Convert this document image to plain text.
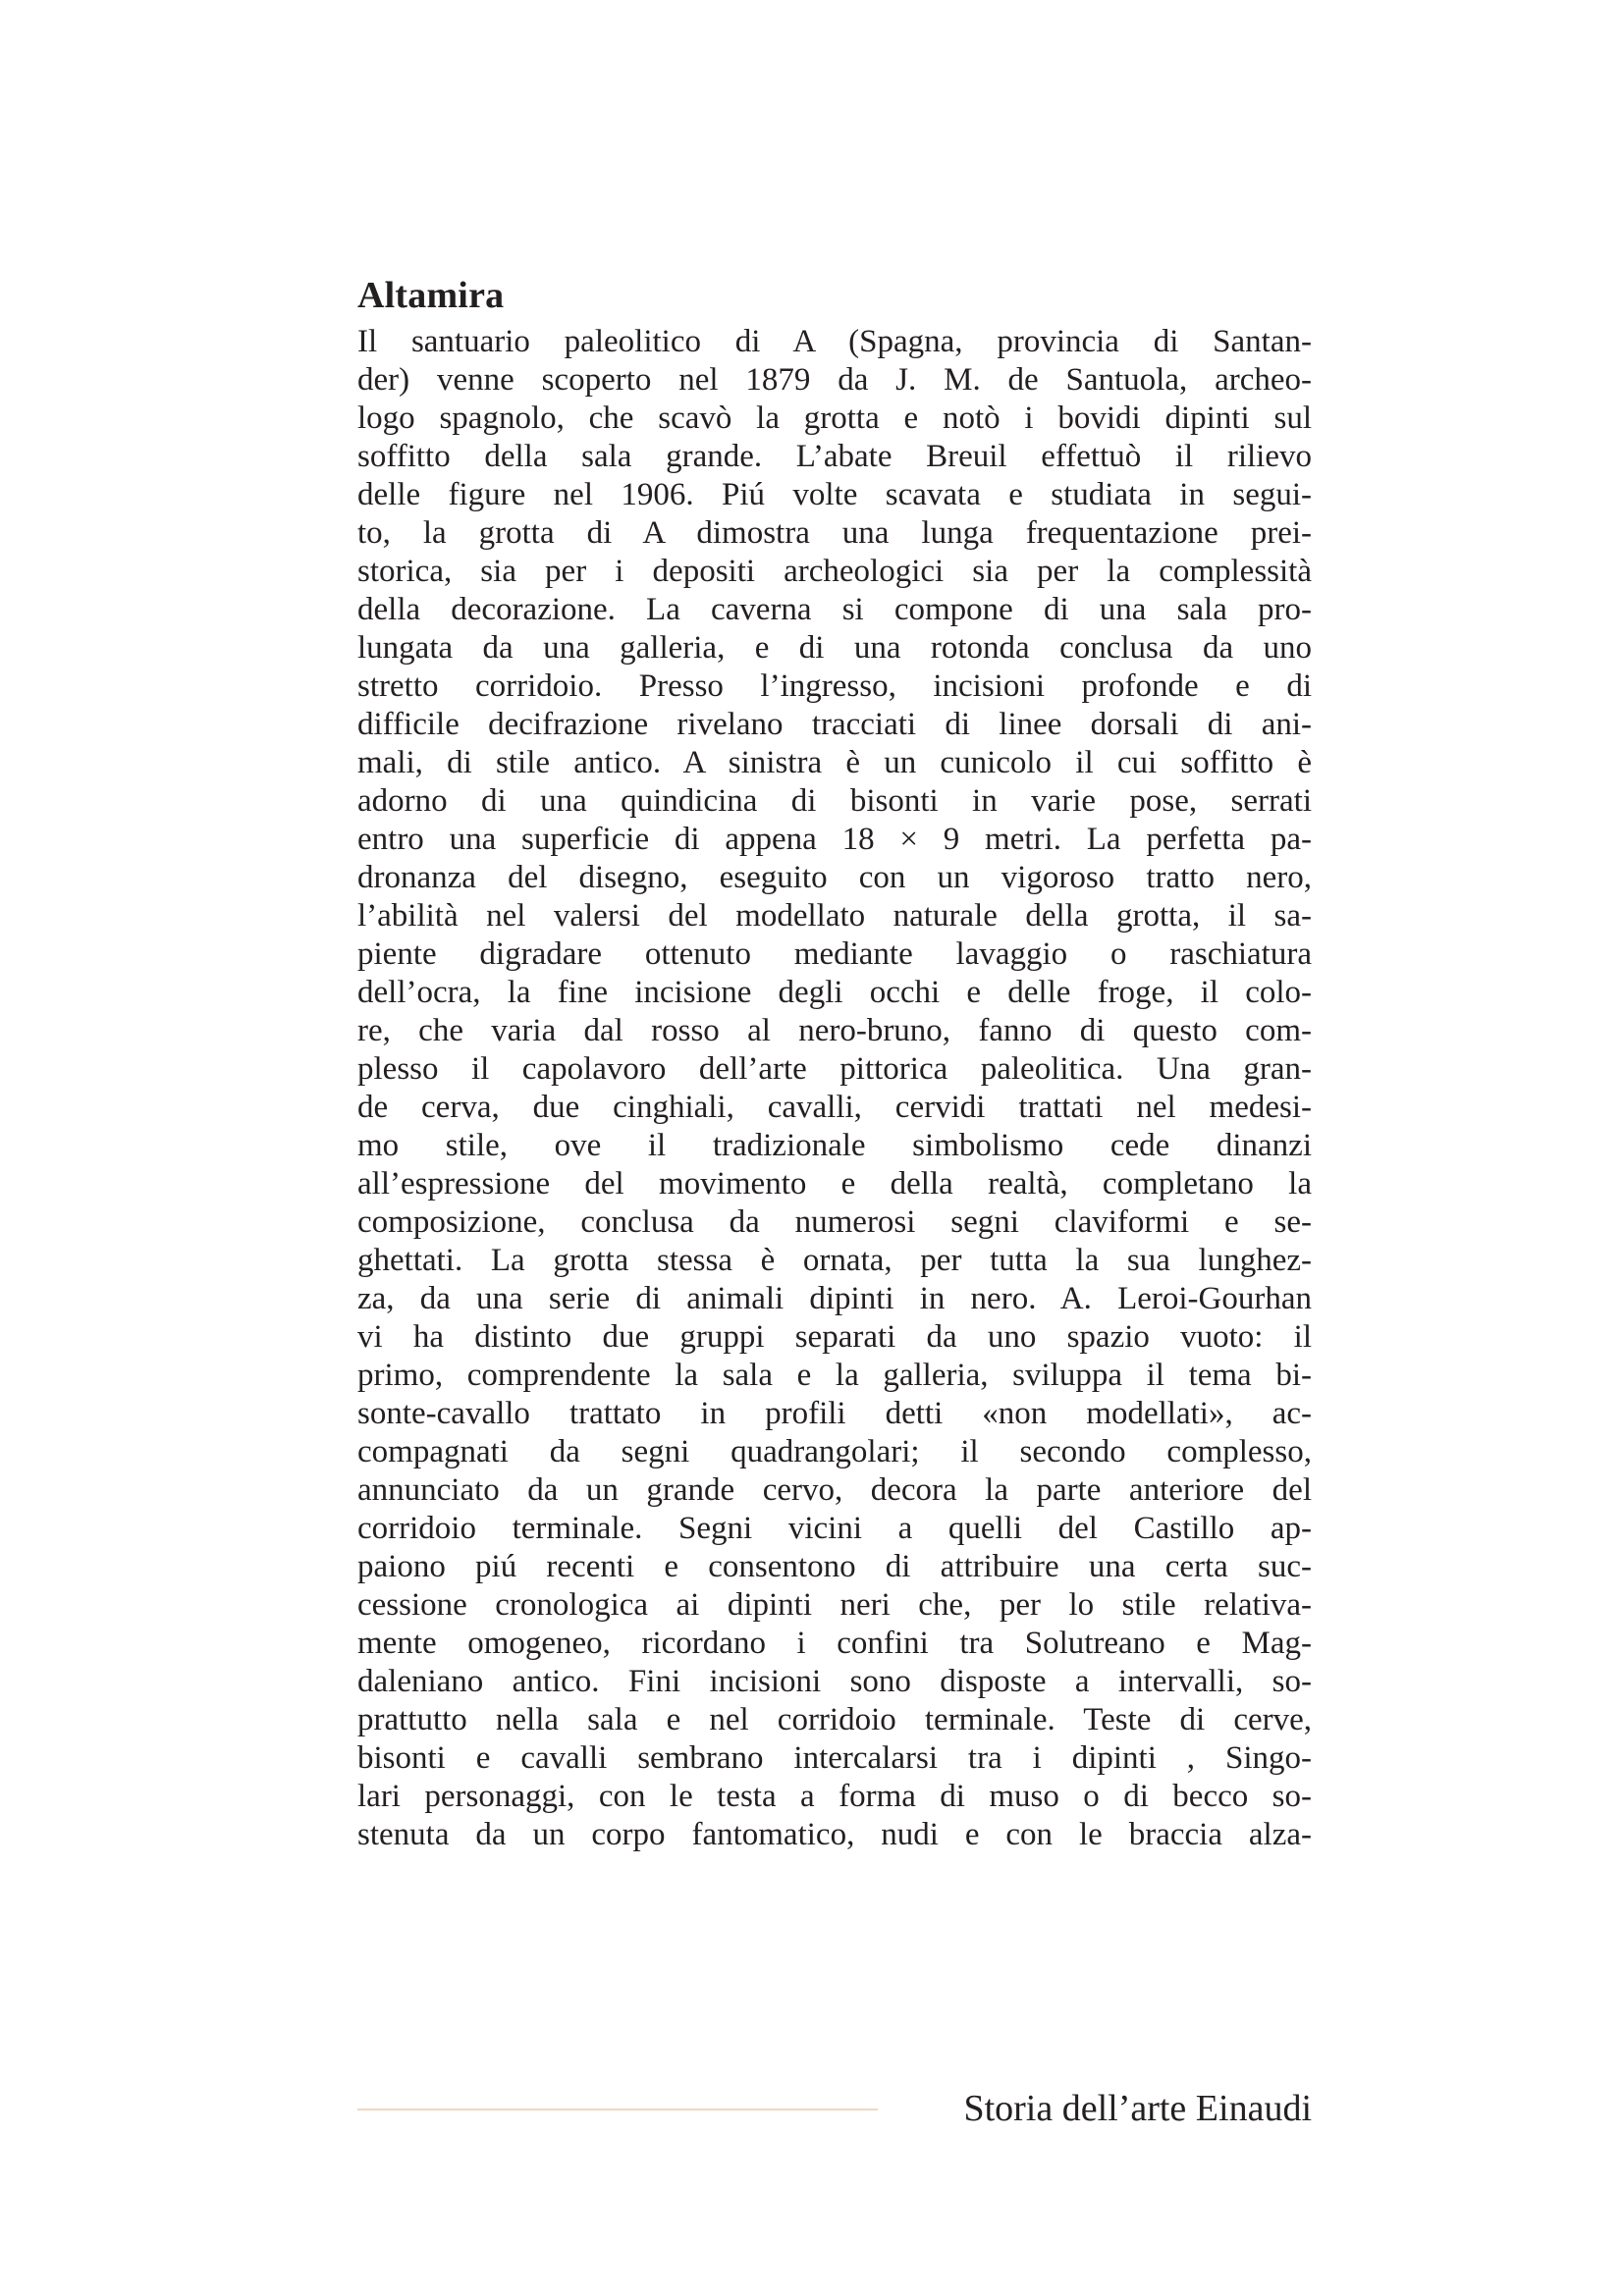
Altamira
Il santuario paleolitico di A (Spagna, provincia di Santan-
der) venne scoperto nel 1879 da J. M. de Santuola, archeo-
logo spagnolo, che scavò la grotta e notò i bovidi dipinti sul
soffitto della sala grande. L’abate Breuil effettuò il rilievo
delle figure nel 1906. Piú volte scavata e studiata in segui-
to, la grotta di A dimostra una lunga frequentazione prei-
storica, sia per i depositi archeologici sia per la complessità
della decorazione. La caverna si compone di una sala pro-
lungata da una galleria, e di una rotonda conclusa da uno
stretto corridoio. Presso l’ingresso, incisioni profonde e di
difficile decifrazione rivelano tracciati di linee dorsali di ani-
mali, di stile antico. A sinistra è un cunicolo il cui soffitto è
adorno di una quindicina di bisonti in varie pose, serrati
entro una superficie di appena 18 × 9 metri. La perfetta pa-
dronanza del disegno, eseguito con un vigoroso tratto nero,
l’abilità nel valersi del modellato naturale della grotta, il sa-
piente digradare ottenuto mediante lavaggio o raschiatura
dell’ocra, la fine incisione degli occhi e delle froge, il colo-
re, che varia dal rosso al nero-bruno, fanno di questo com-
plesso il capolavoro dell’arte pittorica paleolitica. Una gran-
de cerva, due cinghiali, cavalli, cervidi trattati nel medesi-
mo stile, ove il tradizionale simbolismo cede dinanzi
all’espressione del movimento e della realtà, completano la
composizione, conclusa da numerosi segni claviformi e se-
ghettati. La grotta stessa è ornata, per tutta la sua lunghez-
za, da una serie di animali dipinti in nero. A. Leroi-Gourhan
vi ha distinto due gruppi separati da uno spazio vuoto: il
primo, comprendente la sala e la galleria, sviluppa il tema bi-
sonte-cavallo trattato in profili detti «non modellati», ac-
compagnati da segni quadrangolari; il secondo complesso,
annunciato da un grande cervo, decora la parte anteriore del
corridoio terminale. Segni vicini a quelli del Castillo ap-
paiono piú recenti e consentono di attribuire una certa suc-
cessione cronologica ai dipinti neri che, per lo stile relativa-
mente omogeneo, ricordano i confini tra Solutreano e Mag-
daleniano antico. Fini incisioni sono disposte a intervalli, so-
prattutto nella sala e nel corridoio terminale. Teste di cerve,
bisonti e cavalli sembrano intercalarsi tra i dipinti , Singo-
lari personaggi, con le testa a forma di muso o di becco so-
stenuta da un corpo fantomatico, nudi e con le braccia alza-
Storia dell’arte Einaudi
